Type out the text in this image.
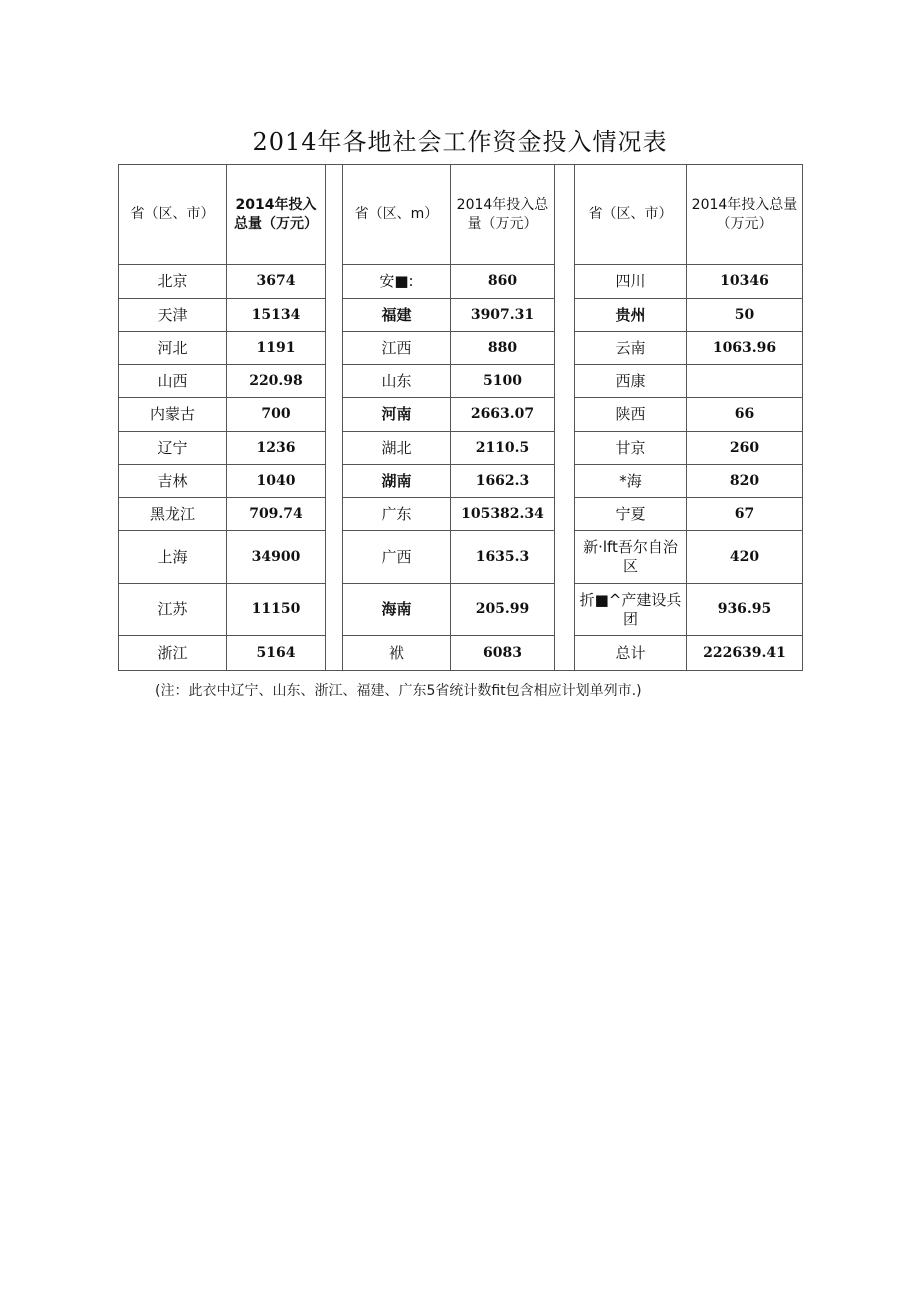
2014年各地社会工作资金投入情况表
省（区、市）	2014年投入总量（万元）		省（区、m）	2014年投入总量（万元）		省（区、市）	2014年投入总量（万元）
北京	3674		安■:	860		四川	10346
天津	15134		福建	3907.31		贵州	50
河北	1191		江西	880		云南	1063.96
山西	220.98		山东	5100		西康	
内蒙古	700		河南	2663.07		陕西	66
辽宁	1236		湖北	2110.5		甘京	260
吉林	1040		湖南	1662.3		*海	820
黑龙江	709.74		广东	105382.34		宁夏	67
上海	34900		广西	1635.3		新·lft吾尔自治区	420
江苏	11150		海南	205.99		折■^产建设兵团	936.95
浙江	5164		袱	6083		总计	222639.41
(注：此衣中辽宁、山东、浙江、福建、广东5省统计数fit包含相应计划单列市.)
